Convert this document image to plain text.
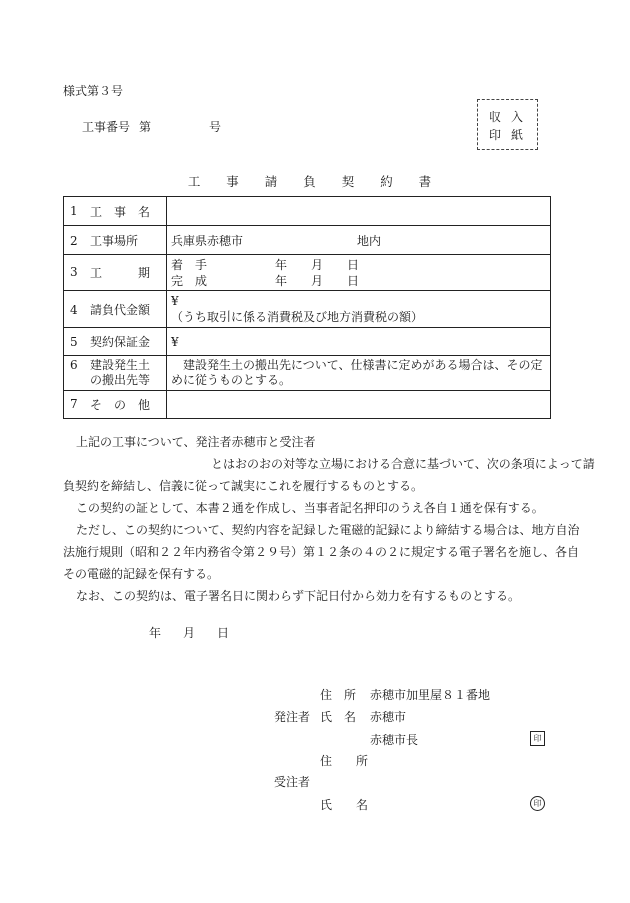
様式第３号
工事番号 第	号
収入
印紙
工 事 請 負 契 約 書
1 工 事 名	

2 工事場所	兵庫県赤穂市 地内
3 工 期	着　手 年 月 日
完　成 年 月 日

4 請負代金額	¥
（うち取引に係る消費税及び地方消費税の額）

5 契約保証金	¥
6 建設発生土
の搬出先等	　建設発生土の搬出先について、仕様書に定めがある場合は、その定めに従うものとする。

7 そ の 他	

上記の工事について、発注者赤穂市と受注者
とはおのおの対等な立場における合意に基づいて、次の条項によって請
負契約を締結し、信義に従って誠実にこれを履行するものとする。
この契約の証として、本書２通を作成し、当事者記名押印のうえ各自１通を保有する。
ただし、この契約について、契約内容を記録した電磁的記録により締結する場合は、地方自治
法施行規則（昭和２２年内務省令第２９号）第１２条の４の２に規定する電子署名を施し、各自
その電磁的記録を保有する。
なお、この契約は、電子署名日に関わらず下記日付から効力を有するものとする。
年 月 日
住　所 赤穂市加里屋８１番地
発注者 氏　名 赤穂市
赤穂市長	印
住　　所
受注者
氏　　名	印
